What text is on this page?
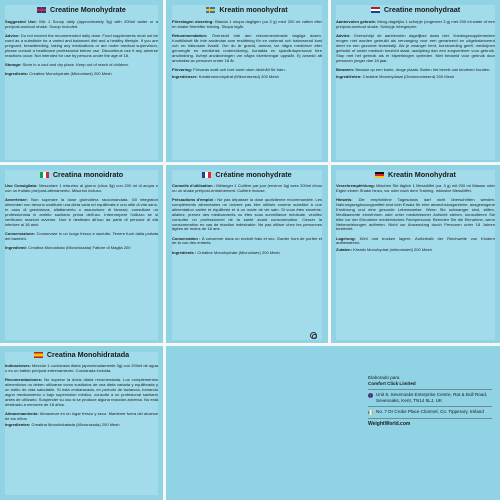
Creatine Monohydrate

Suggested Use: Mix 1 Scoop daily (approximately 3g) with 200ml water or a pre/post-workout shake. Scoop Included.

Advice: Do not exceed the recommended daily dose. Food supplements must not be used as a substitute for a varied and balanced diet and a healthy lifestyle. If you are pregnant, breastfeeding, taking any medications or are under medical supervision, please consult a healthcare professional before use. Discontinue use if any adverse reactions occur. Not intended for use by persons under the age of 18.

Storage: Store in a cool and dry place. Keep out of reach of children.

Ingredients: Creatine Monohydrate (Micronised) 200 Mesh

Kreatin monohydrat

Föreslagen dosering: Blanda 1 skopa dagligen (ca 3 g) med 200 ml vatten eller en shake före/efter träning. Skopa ingår.

Rekommendation: Överskrid inte den rekommenderade dagliga dosen. Kosttillskott får inte användas som ersättning för en varierad och balanserad kost och en hälsosam livsstil. Om du är gravid, ammar, tar några mediciner eller genomgår en medicinsk undersökning, kontakta en sjukvårdspersonal före användning. Avbryt användningen om några biverkningar uppstår. Ej avsedd att användas av personer under 18 år.

Förvaring: Förvaras svalt och torrt samt utom räckhåll för barn.

Ingredienser: Kreatinmonohydrat (Mikroniserad) 200 Mesh

Creatine monohydraat

Aanbevolen gebruik: Meng dagelijks 1 schepje (ongeveer 3 g) met 200 ml water of een pre/post-workout shake. Schepje inbegrepen.

Advies: Overschrijd de aanbevolen dagelijkse dosis niet. Voedingssupplementen mogen niet worden gebruikt als vervanging voor een gevarieerd en uitgebalanceerd dieet en een gezonde levensstijl. Als je zwanger bent, borstvoeding geeft, medicijnen gebruikt of onder medisch toezicht staat, raadpleeg dan een zorgverlener voor gebruik. Stop met het gebruik als er bijwerkingen optreden. Niet bedoeld voor gebruik door personen jonger dan 18 jaar.

Bewaren: Bewaar op een koele, droge plaats. Buiten het bereik van kinderen houden.

Ingrediënten: Creatine Monohydraat (Gemicroniseerd) 200 Mesh

Creatina monoidrato

Uso Consigliato: Mescolare 1 misurino al giorno (circa 3g) con 200 ml di acqua o con un frullato pre/post-allenamento. Misurino incluso.

Avvertenze: Non superare la dose giornaliera raccomandata. Gli integratori alimentari non devono sostituire una dieta varia ed equilibrata e uno stile di vita sano. In caso di gravidanza, allattamento o assunzione di farmaci, consultare un professionista in ambito sanitario prima dell'uso. Interrompere l'utilizzo se si verificano reazioni avverse. Non è destinato all'uso da parte di persone di età inferiore ai 18 anni.

Conservazione: Conservare in un luogo fresco e asciutto. Tenere fuori dalla portata dei bambini.

Ingredienti: Creatina Monoidrato (Micronizzata) Fattore di Maglia 200

Créatine monohydrate

Conseils d'utilisation : Mélanger 1 Cuillère par jour (environ 3g) avec 200ml d'eau ou un shake pré/post-entraînement. Cuillère incluse.

Précautions d'emploi : Ne pas dépasser la dose quotidienne recommandée. Les compléments alimentaires ne doivent pas être utilisés comme substitut à une alimentation variée et équilibrée et à un mode de vie sain. Si vous êtes enceinte, allaitez, prenez des médicaments ou êtes sous surveillance médicale, veuillez consulter un professionnel de la santé avant consommation. Cesser la consommation en cas de réaction indésirable. Ne pas utiliser chez les personnes âgées de moins de 18 ans.

Conservation : À conserver dans un endroit frais et sec. Garder hors de portée et de la vue des enfants.

Ingrédients : Créatine Monohydrate (Micronisée) 200 Mesh

Kreatin Monohydrat

Verzehrempfehlung: Mischen Sie täglich 1 Messlöffel (ca. 3 g) mit 200 ml Wasser oder Eigen einem Shake hinzu, vor oder nach dem Training. Inklusive Messlöffel.

Hinweis: Die empfohlene Tagesdosis darf nicht überschritten werden. Nahrungsergänzungsmittel sind kein Ersatz für eine abwechslungsreiche, ausgewogene Ernährung und eine gesunde Lebensweise. Wenn Sie schwanger sind, stillen, Medikamente einnehmen oder unter medizinischer Aufsicht stehen, konsultieren Sie bitte vor der Einnahme medizinisches Fachpersonal. Beenden Sie die Einnahme, wenn Nebenwirkungen auftreten. Nicht zur Anwendung durch Personen unter 18 Jahren bestimmt.

Lagerung: Kühl und trocken lagern. Außerhalb der Reichweite von Kindern aufbewahren.

Zutaten: Kreatin Monohydrat (mikronisiert) 200 Mesh

Creatina Monohidratada

Indicaciones: Mezclar 1 cucharada diaria (aproximadamente 3g) con 200ml de agua o en un batido pre/post entrenamiento. Cucharada incluida.

Recomendaciones: No superar la dosis diaria recomendada. Los complementos alimenticios no deben utilizarse como sustitutos de una dieta variada y equilibrada y un estilo de vida saludable. Si está embarazada, en período de lactancia, tomando algún medicamento o bajo supervisión médico, consulte a un profesional sanitario antes de utilizarlo. Suspender su uso si se produce alguna reacción adversa. No está destinado a menores de 18 años.

Almacenamiento: Almacenar en un lugar fresco y seco. Mantener fuera del alcance de los niños.

Ingredientes: Creatina Monohidratada (Micronizada) 200 Mesh

Elaborado para
Comfort Click Limited
Unit 8, Sevenoaks Enterprise Centre, Rat & Bull Road, Sevenoaks, Kent, TN14 5LJ, UK
No. 7 Dr Croke Place Clonmel, Co. Tipperary, Ireland
WeightWorld.com
